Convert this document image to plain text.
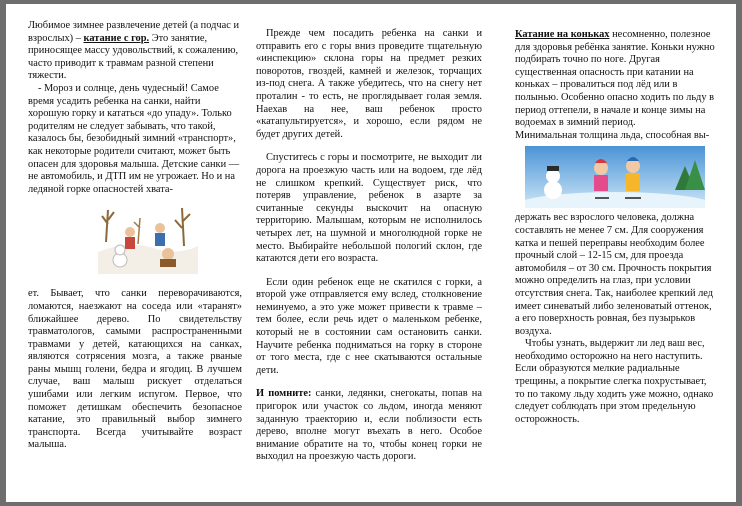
Любимое зимнее развлечение детей (а подчас и взрослых) – катание с гор. Это занятие, приносящее массу удовольствий, к сожалению, часто приводит к травмам разной степени тяжести.

- Мороз и солнце, день чудесный! Самое время усадить ребенка на санки, найти хорошую горку и кататься «до упаду». Только родителям не следует забывать, что такой, казалось бы, безобидный зимний «транспорт», как некоторые родители считают, может быть опасен для здоровья малыша. Детские санки — не автомобиль, и ДТП им не угрожает. Но и на ледяной горке опасностей хвата-

ет. Бывает, что санки переворачиваются, ломаются, наезжают на соседа или «таранят» ближайшее дерево. По свидетельству травматологов, самыми распространенными травмами у детей, катающихся на санках, являются сотрясения мозга, а также рваные раны мышц голени, бедра и ягодиц. В лучшем случае, ваш малыш рискует отделаться ушибами или легким испугом. Первое, что поможет детишкам обеспечить безопасное катание, это правильный выбор зимнего транспорта. Всегда учитывайте возраст малыша.

Прежде чем посадить ребенка на санки и отправить его с горы вниз проведите тщательную «инспекцию» склона горы на предмет резких поворотов, гвоздей, камней и железок, торчащих из-под снега. А также убедитесь, что на снегу нет проталин - то есть, не проглядывает голая земля. Наехав на нее, ваш ребенок просто «катапультируется», и хорошо, если рядом не будет других детей.

Спуститесь с горы и посмотрите, не выходит ли дорога на проезжую часть или на водоем, где лёд не слишком крепкий. Существует риск, что потеряв управление, ребенок в азарте за считанные секунды выскочит на опасную территорию. Малышам, которым не исполнилось четырех лет, на шумной и многолюдной горке не место. Выбирайте небольшой пологий склон, где катаются дети его возраста.

Если один ребенок еще не скатился с горки, а второй уже отправляется ему вслед, столкновение неминуемо, а это уже может привести к травме – тем более, если речь идет о маленьком ребенке, который не в состоянии сам остановить санки. Научите ребенка подниматься на горку в стороне от того места, где с нее скатываются остальные дети.

И помните: санки, ледянки, снегокаты, попав на пригорок или участок со льдом, иногда меняют заданную траекторию и, если поблизости есть дерево, вполне могут въехать в него. Особое внимание обратите на то, чтобы конец горки не выходил на проезжую часть дороги.

Катание на коньках несомненно, полезное для здоровья ребёнка занятие. Коньки нужно подбирать точно по ноге. Другая существенная опасность при катании на коньках – провалиться под лёд или в полынью. Особенно опасно ходить по льду в период оттепели, в начале и конце зимы на водоемах в зимний период.

Минимальная толщина льда, способная вы-

держать вес взрослого человека, должна составлять не менее 7 см. Для сооружения катка и пешей переправы необходим более прочный слой – 12-15 см, для проезда автомобиля – от 30 см. Прочность покрытия можно определить на глаз, при условии отсутствия снега. Так, наиболее крепкий лед имеет синеватый либо зеленоватый оттенок, а его поверхность ровная, без пузырьков воздуха.

Чтобы узнать, выдержит ли лед ваш вес, необходимо осторожно на него наступить. Если образуются мелкие радиальные трещины, а покрытие слегка похрустывает, то по такому льду ходить уже можно, однако следует соблюдать при этом предельную осторожность.
